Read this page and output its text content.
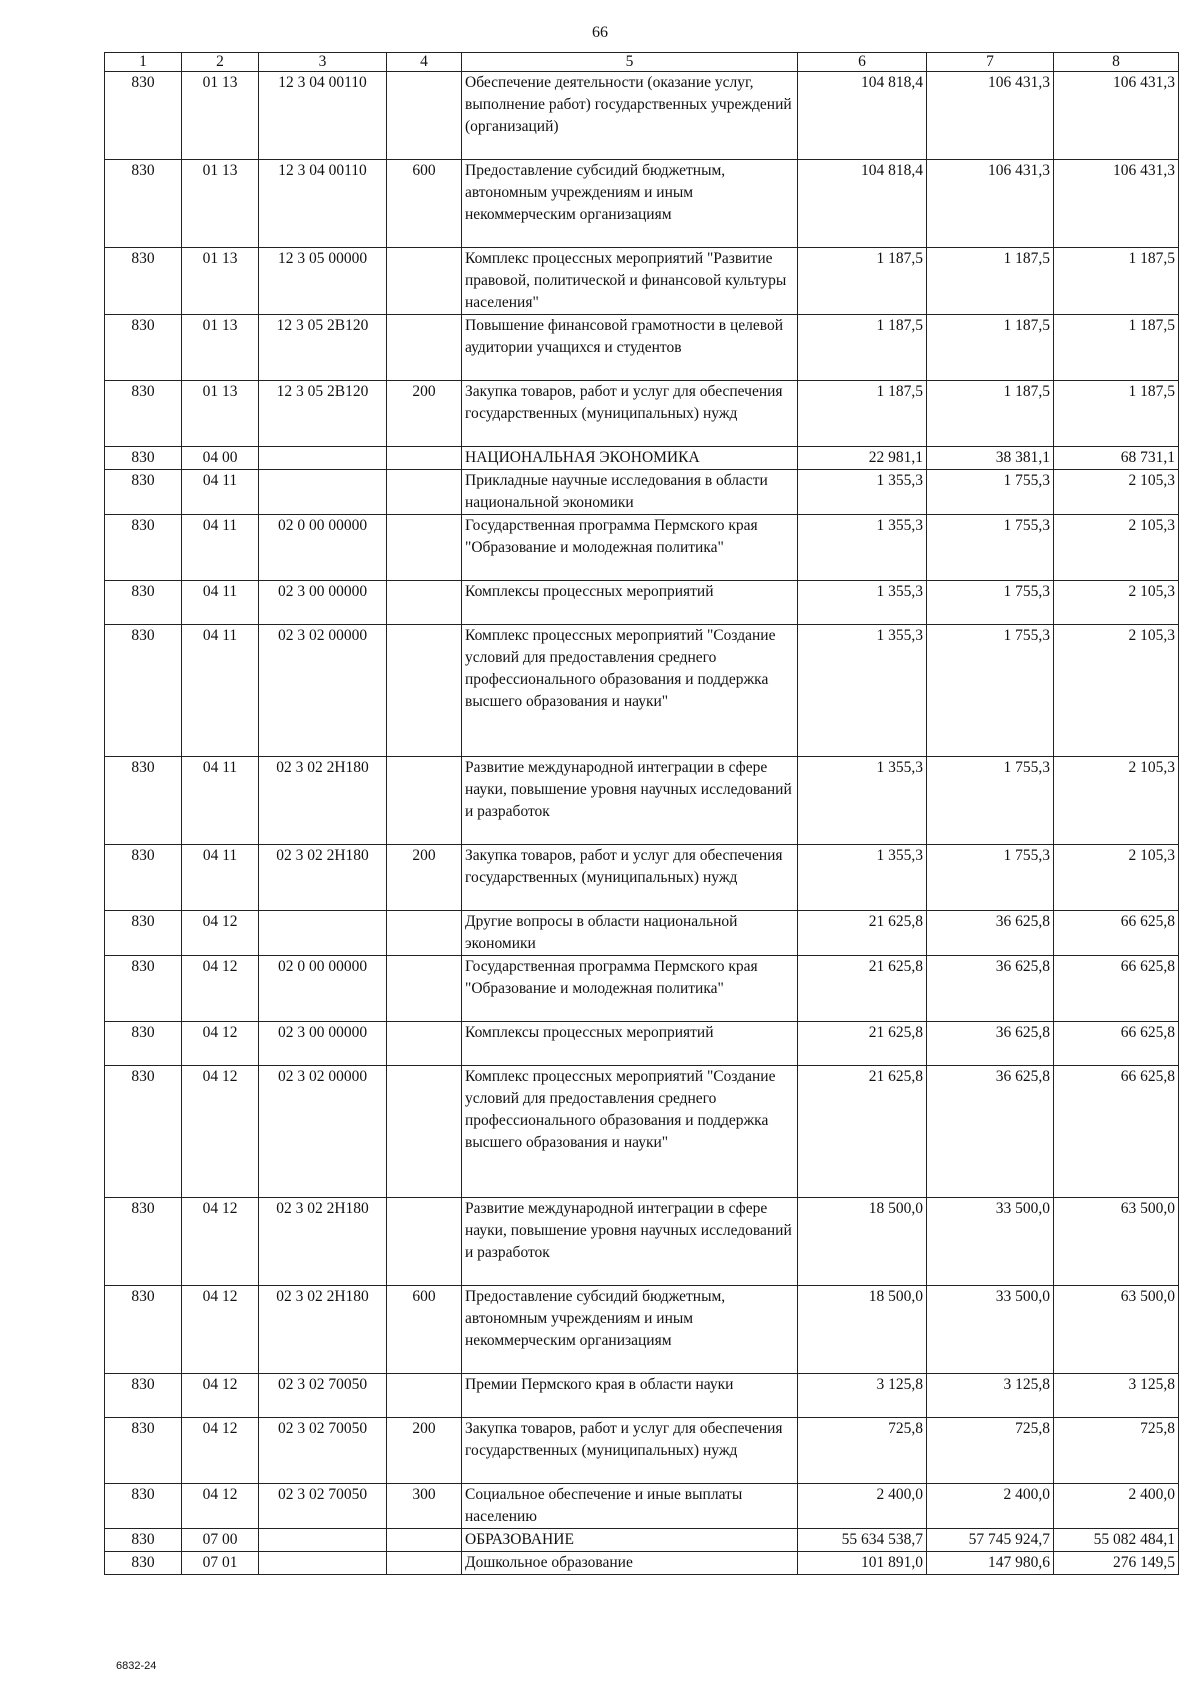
66
1	2	3	4	5	6	7	8
830	01 13	12 3 04 00110		Обеспечение деятельности (оказание услуг, выполнение работ) государственных учреждений (организаций)	104 818,4	106 431,3	106 431,3
830	01 13	12 3 04 00110	600	Предоставление субсидий бюджетным, автономным учреждениям и иным некоммерческим организациям	104 818,4	106 431,3	106 431,3
830	01 13	12 3 05 00000		Комплекс процессных мероприятий "Развитие правовой, политической и финансовой культуры населения"	1 187,5	1 187,5	1 187,5
830	01 13	12 3 05 2В120		Повышение финансовой грамотности в целевой аудитории учащихся и студентов	1 187,5	1 187,5	1 187,5
830	01 13	12 3 05 2В120	200	Закупка товаров, работ и услуг для обеспечения государственных (муниципальных) нужд	1 187,5	1 187,5	1 187,5
830	04 00			НАЦИОНАЛЬНАЯ ЭКОНОМИКА	22 981,1	38 381,1	68 731,1
830	04 11			Прикладные научные исследования в области национальной экономики	1 355,3	1 755,3	2 105,3
830	04 11	02 0 00 00000		Государственная программа Пермского края "Образование и молодежная политика"	1 355,3	1 755,3	2 105,3
830	04 11	02 3 00 00000		Комплексы процессных мероприятий	1 355,3	1 755,3	2 105,3
830	04 11	02 3 02 00000		Комплекс процессных мероприятий "Создание условий для предоставления среднего профессионального образования и поддержка высшего образования и науки"	1 355,3	1 755,3	2 105,3
830	04 11	02 3 02 2Н180		Развитие международной интеграции в сфере науки, повышение уровня научных исследований и разработок	1 355,3	1 755,3	2 105,3
830	04 11	02 3 02 2Н180	200	Закупка товаров, работ и услуг для обеспечения государственных (муниципальных) нужд	1 355,3	1 755,3	2 105,3
830	04 12			Другие вопросы в области национальной экономики	21 625,8	36 625,8	66 625,8
830	04 12	02 0 00 00000		Государственная программа Пермского края "Образование и молодежная политика"	21 625,8	36 625,8	66 625,8
830	04 12	02 3 00 00000		Комплексы процессных мероприятий	21 625,8	36 625,8	66 625,8
830	04 12	02 3 02 00000		Комплекс процессных мероприятий "Создание условий для предоставления среднего профессионального образования и поддержка высшего образования и науки"	21 625,8	36 625,8	66 625,8
830	04 12	02 3 02 2Н180		Развитие международной интеграции в сфере науки, повышение уровня научных исследований и разработок	18 500,0	33 500,0	63 500,0
830	04 12	02 3 02 2Н180	600	Предоставление субсидий бюджетным, автономным учреждениям и иным некоммерческим организациям	18 500,0	33 500,0	63 500,0
830	04 12	02 3 02 70050		Премии Пермского края в области науки	3 125,8	3 125,8	3 125,8
830	04 12	02 3 02 70050	200	Закупка товаров, работ и услуг для обеспечения государственных (муниципальных) нужд	725,8	725,8	725,8
830	04 12	02 3 02 70050	300	Социальное обеспечение и иные выплаты населению	2 400,0	2 400,0	2 400,0
830	07 00			ОБРАЗОВАНИЕ	55 634 538,7	57 745 924,7	55 082 484,1
830	07 01			Дошкольное образование	101 891,0	147 980,6	276 149,5
6832-24
